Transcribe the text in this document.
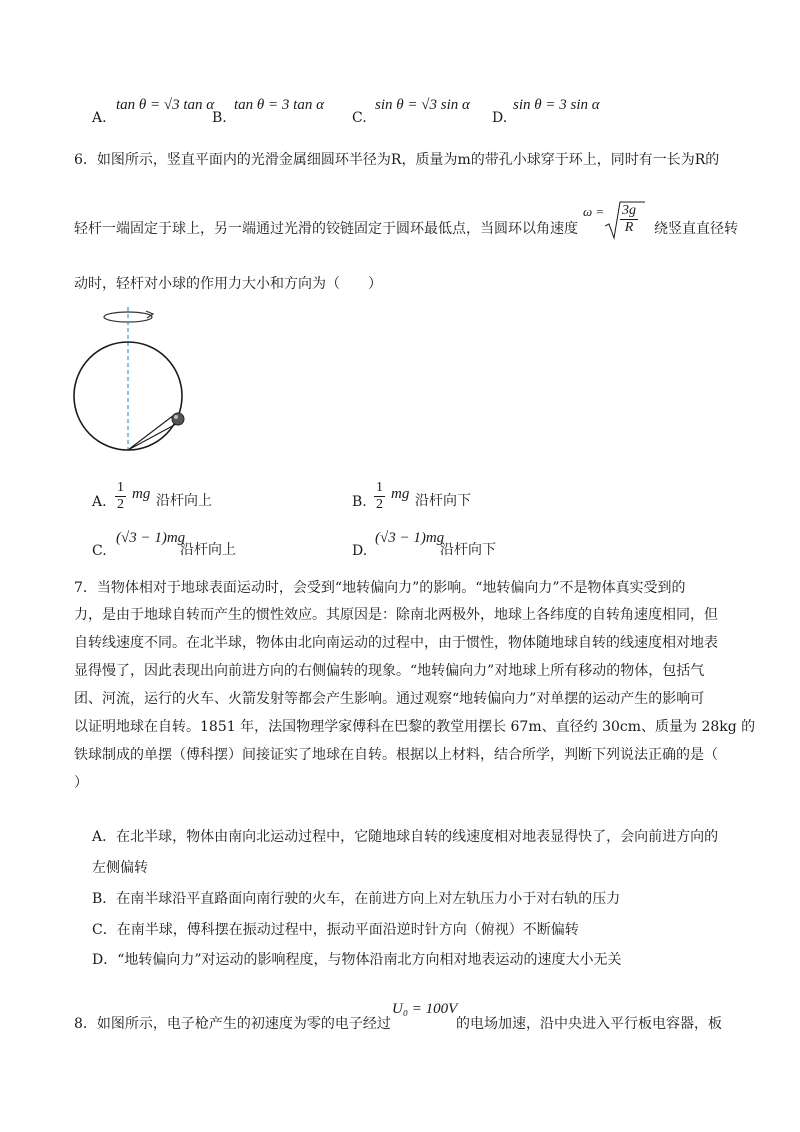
A.
tan θ = √3 tan α
B.
tan θ = 3 tan α
C.
sin θ = √3 sin α
D.
sin θ = 3 sin α
6．如图所示，竖直平面内的光滑金属细圆环半径为R，质量为m的带孔小球穿于环上，同时有一长为R的
轻杆一端固定于球上，另一端通过光滑的铰链固定于圆环最低点，当圆环以角速度
$\omega = \frac{3g}{R}$ 绕竖直直径转
动时，轻杆对小球的作用力大小和方向为（　　）
A. $\frac{1}{2}$ mg 沿杆向上	B. $\frac{1}{2}$ mg 沿杆向下
C.
(√3 − 1)mg
沿杆向上	D.
(√3 − 1)mg
沿杆向下
7．当物体相对于地球表面运动时，会受到“地转偏向力”的影响。“地转偏向力”不是物体真实受到的
力，是由于地球自转而产生的惯性效应。其原因是：除南北两极外，地球上各纬度的自转角速度相同，但
自转线速度不同。在北半球，物体由北向南运动的过程中，由于惯性，物体随地球自转的线速度相对地表
显得慢了，因此表现出向前进方向的右侧偏转的现象。“地转偏向力”对地球上所有移动的物体，包括气
团、河流，运行的火车、火箭发射等都会产生影响。通过观察“地转偏向力”对单摆的运动产生的影响可
以证明地球在自转。1851 年，法国物理学家傅科在巴黎的教堂用摆长 67m、直径约 30cm、质量为 28kg 的
铁球制成的单摆（傅科摆）间接证实了地球在自转。根据以上材料，结合所学，判断下列说法正确的是（
）
A．在北半球，物体由南向北运动过程中，它随地球自转的线速度相对地表显得快了，会向前进方向的
左侧偏转
B．在南半球沿平直路面向南行驶的火车，在前进方向上对左轨压力小于对右轨的压力
C．在南半球，傅科摆在振动过程中，振动平面沿逆时针方向（俯视）不断偏转
D．“地转偏向力”对运动的影响程度，与物体沿南北方向相对地表运动的速度大小无关
8．如图所示，电子枪产生的初速度为零的电子经过
U₀ = 100V
的电场加速，沿中央进入平行板电容器，板
